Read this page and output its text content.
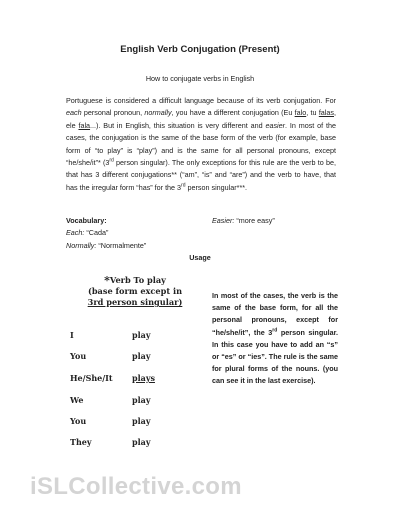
English Verb Conjugation (Present)
How to conjugate verbs in English
Portuguese is considered a difficult language because of its verb conjugation. For each personal pronoun, normally, you have a different conjugation (Eu falo, tu falas, ele fala...). But in English, this situation is very different and easier. In most of the cases, the conjugation is the same of the base form of the verb (for example, base form of “to play” is “play”) and is the same for all personal pronouns, except “he/she/it”* (3rd person singular). The only exceptions for this rule are the verb to be, that has 3 different conjugations** (“am”, “is” and “are”) and the verb to have, that has the irregular form “has” for the 3rd person singular***.
Vocabulary:	Easier: “more easy”
Each: “Cada”
Normally: “Normalmente”
Usage
*Verb To play
(base form except in
3rd person singular)
I	play
You	play
He/She/It plays
We	play
You	play
They	play
In most of the cases, the verb is the same of the base form, for all the personal pronouns, except for “he/she/it”, the 3rd person singular. In this case you have to add an “s” or “es” or “ies”. The rule is the same for plural forms of the nouns. (you can see it in the last exercise).
iSLCollective.com
